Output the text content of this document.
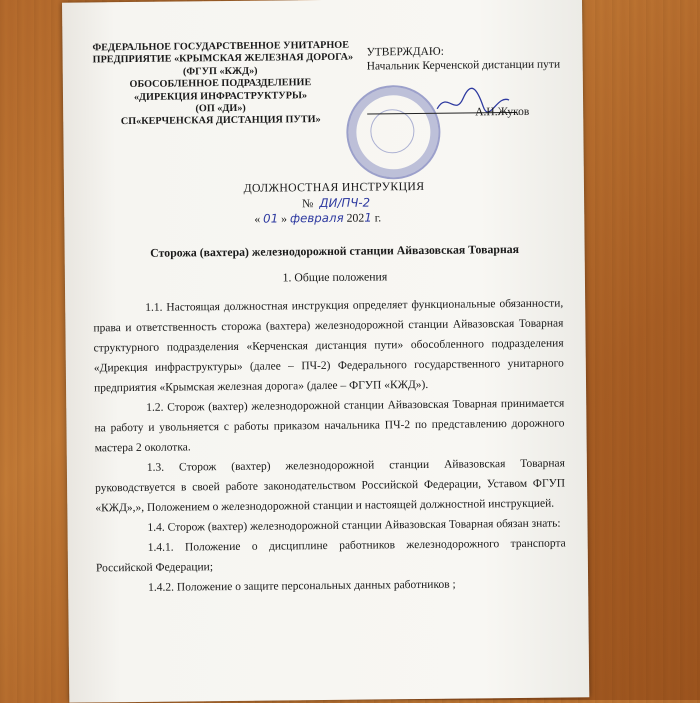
ФЕДЕРАЛЬНОЕ ГОСУДАРСТВЕННОЕ УНИТАРНОЕ
ПРЕДПРИЯТИЕ «КРЫМСКАЯ ЖЕЛЕЗНАЯ ДОРОГА»
(ФГУП «КЖД»)
ОБОСОБЛЕННОЕ ПОДРАЗДЕЛЕНИЕ
«ДИРЕКЦИЯ ИНФРАСТРУКТУРЫ»
(ОП «ДИ»)
СП«КЕРЧЕНСКАЯ ДИСТАНЦИЯ ПУТИ»
УТВЕРЖДАЮ:
Начальник Керченской дистанции пути
А.Н.Жуков
ДОЛЖНОСТНАЯ ИНСТРУКЦИЯ
№ ДИ/ПЧ-2
« 01 » февраля 2021 г.
Сторожа (вахтера) железнодорожной станции Айвазовская Товарная
1. Общие положения

1.1. Настоящая должностная инструкция определяет функциональные обязанности, права и ответственность сторожа (вахтера) железнодорожной станции Айвазовская Товарная структурного подразделения «Керченская дистанция пути» обособленного подразделения «Дирекция инфраструктуры» (далее – ПЧ-2) Федерального государственного унитарного предприятия «Крымская железная дорога» (далее – ФГУП «КЖД»).

1.2. Сторож (вахтер) железнодорожной станции Айвазовская Товарная принимается на работу и увольняется с работы приказом начальника ПЧ-2 по представлению дорожного мастера 2 околотка.

1.3. Сторож (вахтер) железнодорожной станции Айвазовская Товарная руководствуется в своей работе законодательством Российской Федерации, Уставом ФГУП «КЖД»,», Положением о железнодорожной станции и настоящей должностной инструкцией.

1.4. Сторож (вахтер) железнодорожной станции Айвазовская Товарная обязан знать:

1.4.1. Положение о дисциплине работников железнодорожного транспорта Российской Федерации;

1.4.2. Положение о защите персональных данных работников ;
